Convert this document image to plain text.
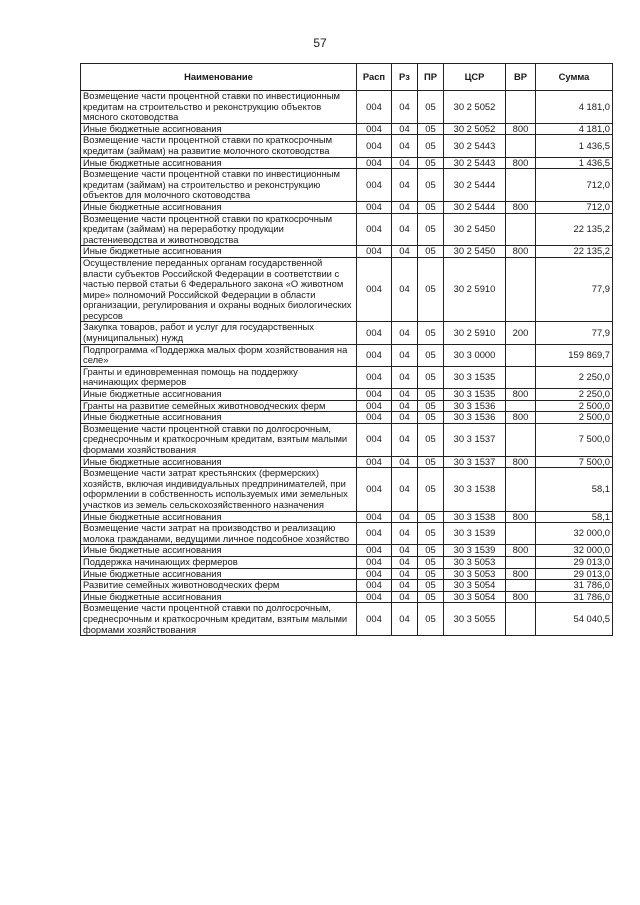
57
Наименование	Расп	Рз	ПР	ЦСР	ВР	Сумма
Возмещение части процентной ставки по инвестиционным кредитам на строительство и реконструкцию объектов мясного скотоводства	004	04	05	30 2 5052		4 181,0
Иные бюджетные ассигнования	004	04	05	30 2 5052	800	4 181,0
Возмещение части процентной ставки по краткосрочным кредитам (займам) на развитие молочного скотоводства	004	04	05	30 2 5443		1 436,5
Иные бюджетные ассигнования	004	04	05	30 2 5443	800	1 436,5
Возмещение части процентной ставки по инвестиционным кредитам (займам) на строительство и реконструкцию объектов для молочного скотоводства	004	04	05	30 2 5444		712,0
Иные бюджетные ассигнования	004	04	05	30 2 5444	800	712,0
Возмещение части процентной ставки по краткосрочным кредитам (займам) на переработку продукции растениеводства и животноводства	004	04	05	30 2 5450		22 135,2
Иные бюджетные ассигнования	004	04	05	30 2 5450	800	22 135,2
Осуществление переданных органам государственной власти субъектов Российской Федерации в соответствии с частью первой статьи 6 Федерального закона «О животном мире» полномочий Российской Федерации в области организации, регулирования и охраны водных биологических ресурсов	004	04	05	30 2 5910		77,9
Закупка товаров, работ и услуг для государственных (муниципальных) нужд	004	04	05	30 2 5910	200	77,9
Подпрограмма «Поддержка малых форм хозяйствования на селе»	004	04	05	30 3 0000		159 869,7
Гранты и единовременная помощь на поддержку начинающих фермеров	004	04	05	30 3 1535		2 250,0
Иные бюджетные ассигнования	004	04	05	30 3 1535	800	2 250,0
Гранты на развитие семейных животноводческих ферм	004	04	05	30 3 1536		2 500,0
Иные бюджетные ассигнования	004	04	05	30 3 1536	800	2 500,0
Возмещение части процентной ставки по долгосрочным, среднесрочным и краткосрочным кредитам, взятым малыми формами хозяйствования	004	04	05	30 3 1537		7 500,0
Иные бюджетные ассигнования	004	04	05	30 3 1537	800	7 500,0
Возмещение части затрат крестьянских (фермерских) хозяйств, включая индивидуальных предпринимателей, при оформлении в собственность используемых ими земельных участков из земель сельскохозяйственного назначения	004	04	05	30 3 1538		58,1
Иные бюджетные ассигнования	004	04	05	30 3 1538	800	58,1
Возмещение части затрат на производство и реализацию молока гражданами, ведущими личное подсобное хозяйство	004	04	05	30 3 1539		32 000,0
Иные бюджетные ассигнования	004	04	05	30 3 1539	800	32 000,0
Поддержка начинающих фермеров	004	04	05	30 3 5053		29 013,0
Иные бюджетные ассигнования	004	04	05	30 3 5053	800	29 013,0
Развитие семейных животноводческих ферм	004	04	05	30 3 5054		31 786,0
Иные бюджетные ассигнования	004	04	05	30 3 5054	800	31 786,0
Возмещение части процентной ставки по долгосрочным, среднесрочным и краткосрочным кредитам, взятым малыми формами хозяйствования	004	04	05	30 3 5055		54 040,5
